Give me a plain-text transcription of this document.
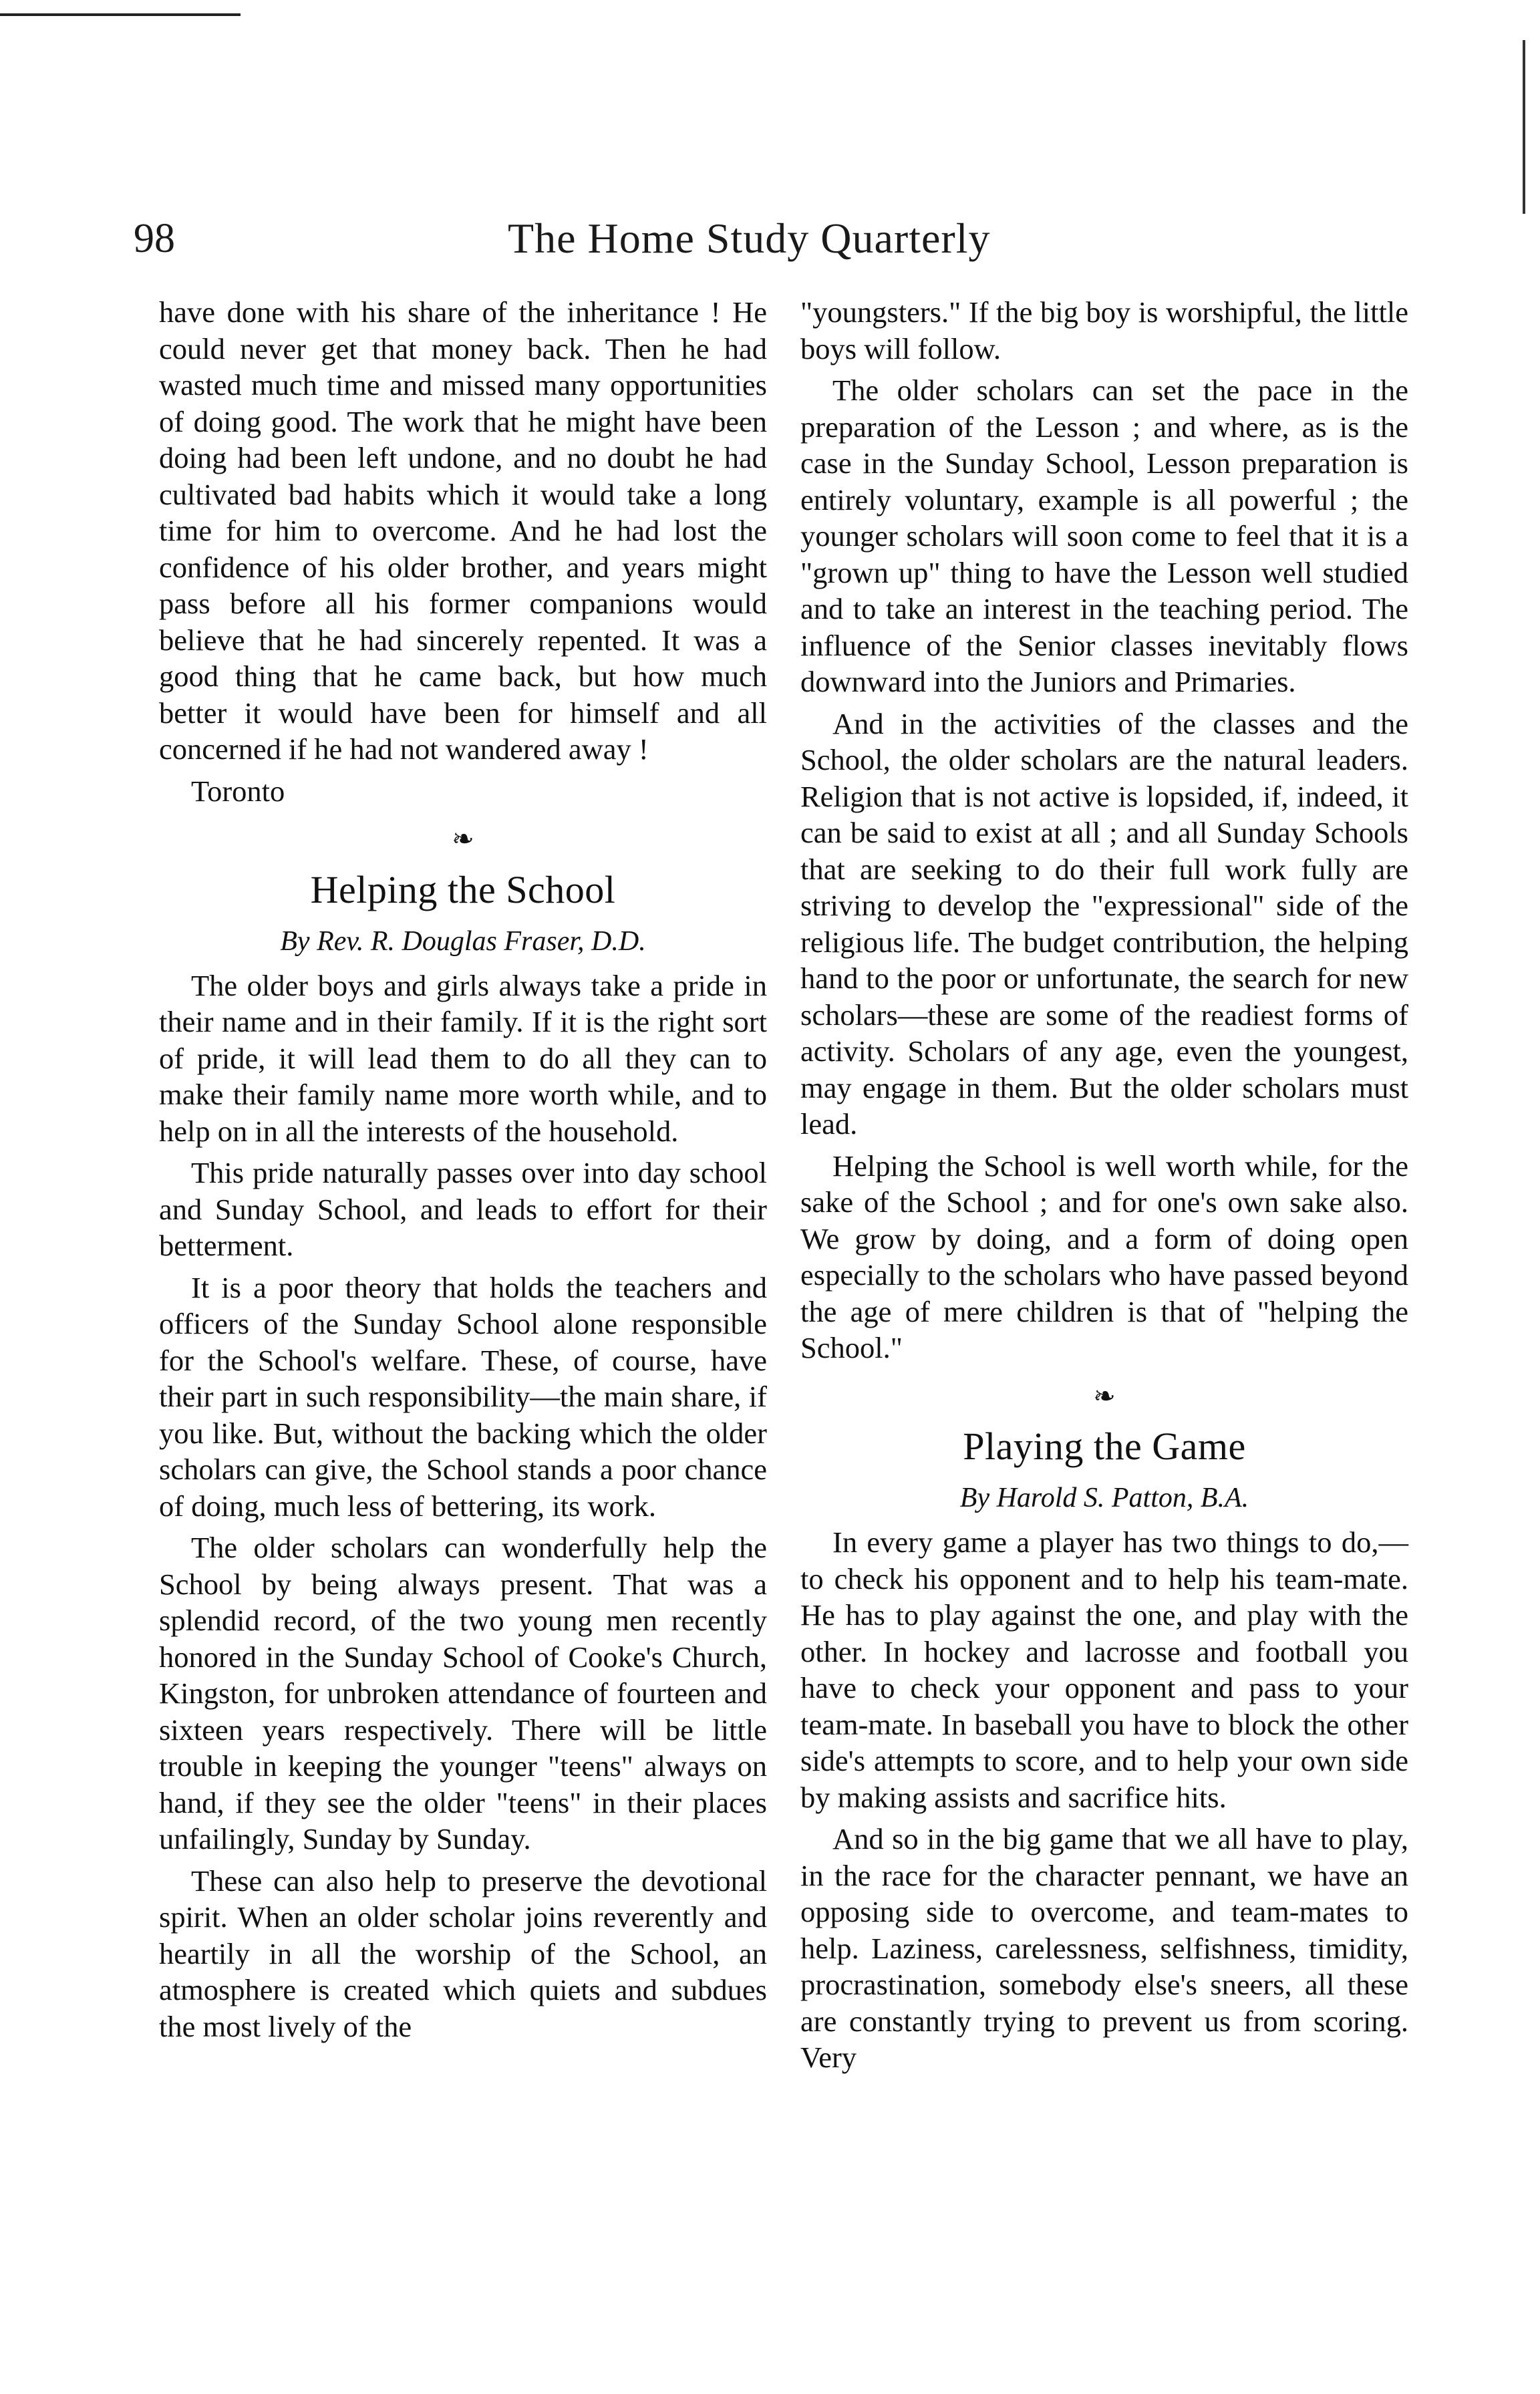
98	The Home Study Quarterly

have done with his share of the inheritance ! He could never get that money back. Then he had wasted much time and missed many opportunities of doing good. The work that he might have been doing had been left undone, and no doubt he had cultivated bad habits which it would take a long time for him to overcome. And he had lost the confidence of his older brother, and years might pass before all his former companions would believe that he had sincerely repented. It was a good thing that he came back, but how much better it would have been for himself and all concerned if he had not wandered away !

Toronto

❧
Helping the School
By Rev. R. Douglas Fraser, D.D.

The older boys and girls always take a pride in their name and in their family. If it is the right sort of pride, it will lead them to do all they can to make their family name more worth while, and to help on in all the interests of the household.

This pride naturally passes over into day school and Sunday School, and leads to effort for their betterment.

It is a poor theory that holds the teachers and officers of the Sunday School alone responsible for the School's welfare. These, of course, have their part in such responsibility—the main share, if you like. But, without the backing which the older scholars can give, the School stands a poor chance of doing, much less of bettering, its work.

The older scholars can wonderfully help the School by being always present. That was a splendid record, of the two young men recently honored in the Sunday School of Cooke's Church, Kingston, for unbroken attendance of fourteen and sixteen years respectively. There will be little trouble in keeping the younger "teens" always on hand, if they see the older "teens" in their places unfailingly, Sunday by Sunday.

These can also help to preserve the devotional spirit. When an older scholar joins reverently and heartily in all the worship of the School, an atmosphere is created which quiets and subdues the most lively of the

"youngsters." If the big boy is worshipful, the little boys will follow.

The older scholars can set the pace in the preparation of the Lesson ; and where, as is the case in the Sunday School, Lesson preparation is entirely voluntary, example is all powerful ; the younger scholars will soon come to feel that it is a "grown up" thing to have the Lesson well studied and to take an interest in the teaching period. The influence of the Senior classes inevitably flows downward into the Juniors and Primaries.

And in the activities of the classes and the School, the older scholars are the natural leaders. Religion that is not active is lopsided, if, indeed, it can be said to exist at all ; and all Sunday Schools that are seeking to do their full work fully are striving to develop the "expressional" side of the religious life. The budget contribution, the helping hand to the poor or unfortunate, the search for new scholars—these are some of the readiest forms of activity. Scholars of any age, even the youngest, may engage in them. But the older scholars must lead.

Helping the School is well worth while, for the sake of the School ; and for one's own sake also. We grow by doing, and a form of doing open especially to the scholars who have passed beyond the age of mere children is that of "helping the School."

❧
Playing the Game
By Harold S. Patton, B.A.

In every game a player has two things to do,—to check his opponent and to help his team-mate. He has to play against the one, and play with the other. In hockey and lacrosse and football you have to check your opponent and pass to your team-mate. In baseball you have to block the other side's attempts to score, and to help your own side by making assists and sacrifice hits.

And so in the big game that we all have to play, in the race for the character pennant, we have an opposing side to overcome, and team-mates to help. Laziness, carelessness, selfishness, timidity, procrastination, somebody else's sneers, all these are constantly trying to prevent us from scoring. Very
